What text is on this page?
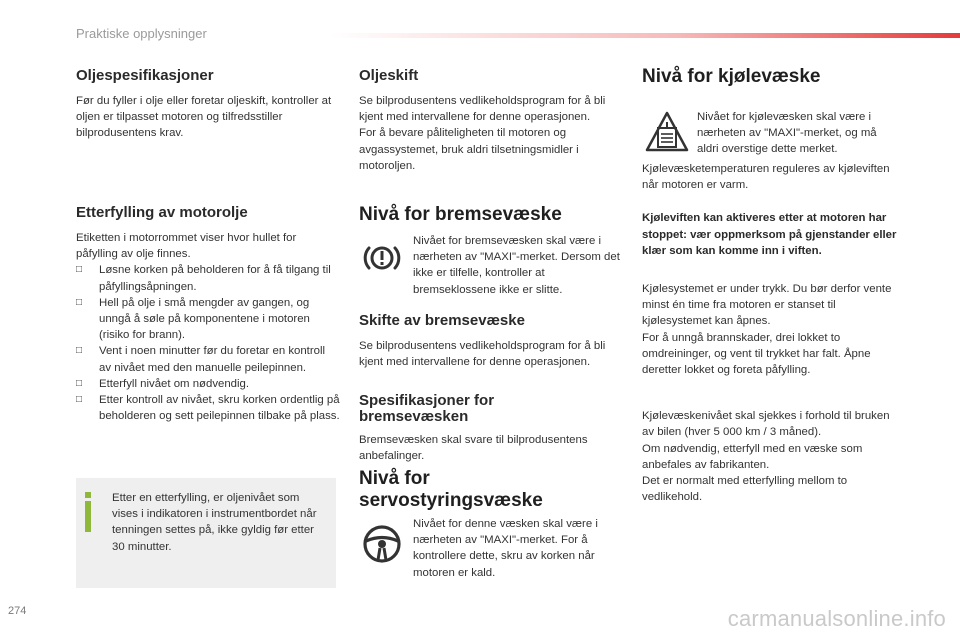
Praktiske opplysninger
274
Oljespesifikasjoner

Før du fyller i olje eller foretar oljeskift, kontroller at oljen er tilpasset motoren og tilfredsstiller bilprodusentens krav.

Etterfylling av motorolje

Etiketten i motorrommet viser hvor hullet for påfylling av olje finnes.

□ Løsne korken på beholderen for å få tilgang til påfyllingsåpningen.
□ Hell på olje i små mengder av gangen, og unngå å søle på komponentene i motoren (risiko for brann).
□ Vent i noen minutter før du foretar en kontroll av nivået med den manuelle peilepinnen.
□ Etterfyll nivået om nødvendig.
□ Etter kontroll av nivået, skru korken ordentlig på beholderen og sett peilepinnen tilbake på plass.

Etter en etterfylling, er oljenivået som vises i indikatoren i instrumentbordet når tenningen settes på, ikke gyldig før etter 30 minutter.

Oljeskift

Se bilprodusentens vedlikeholdsprogram for å bli kjent med intervallene for denne operasjonen.

For å bevare påliteligheten til motoren og avgassystemet, bruk aldri tilsetningsmidler i motoroljen.

Nivå for bremsevæske

Nivået for bremsevæsken skal være i nærheten av "MAXI"-merket. Dersom det ikke er tilfelle, kontroller at bremseklossene ikke er slitte.

Skifte av bremsevæske

Se bilprodusentens vedlikeholdsprogram for å bli kjent med intervallene for denne operasjonen.

Spesifikasjoner for
bremsevæsken

Bremsevæsken skal svare til bilprodusentens anbefalinger.

Nivå for
servostyringsvæske

Nivået for denne væsken skal være i nærheten av "MAXI"-merket. For å kontrollere dette, skru av korken når motoren er kald.

Nivå for kjølevæske

Nivået for kjølevæsken skal være i nærheten av "MAXI"-merket, og må aldri overstige dette merket.

Kjølevæsketemperaturen reguleres av kjøleviften når motoren er varm.

Kjøleviften kan aktiveres etter at motoren har stoppet: vær oppmerksom på gjenstander eller klær som kan komme inn i viften.

Kjølesystemet er under trykk. Du bør derfor vente minst én time fra motoren er stanset til kjølesystemet kan åpnes.

For å unngå brannskader, drei lokket to omdreininger, og vent til trykket har falt. Åpne deretter lokket og foreta påfylling.

Kjølevæskenivået skal sjekkes i forhold til bruken av bilen (hver 5 000 km / 3 måned).

Om nødvendig, etterfyll med en væske som anbefales av fabrikanten.

Det er normalt med etterfylling mellom to vedlikehold.

carmanualsonline.info
